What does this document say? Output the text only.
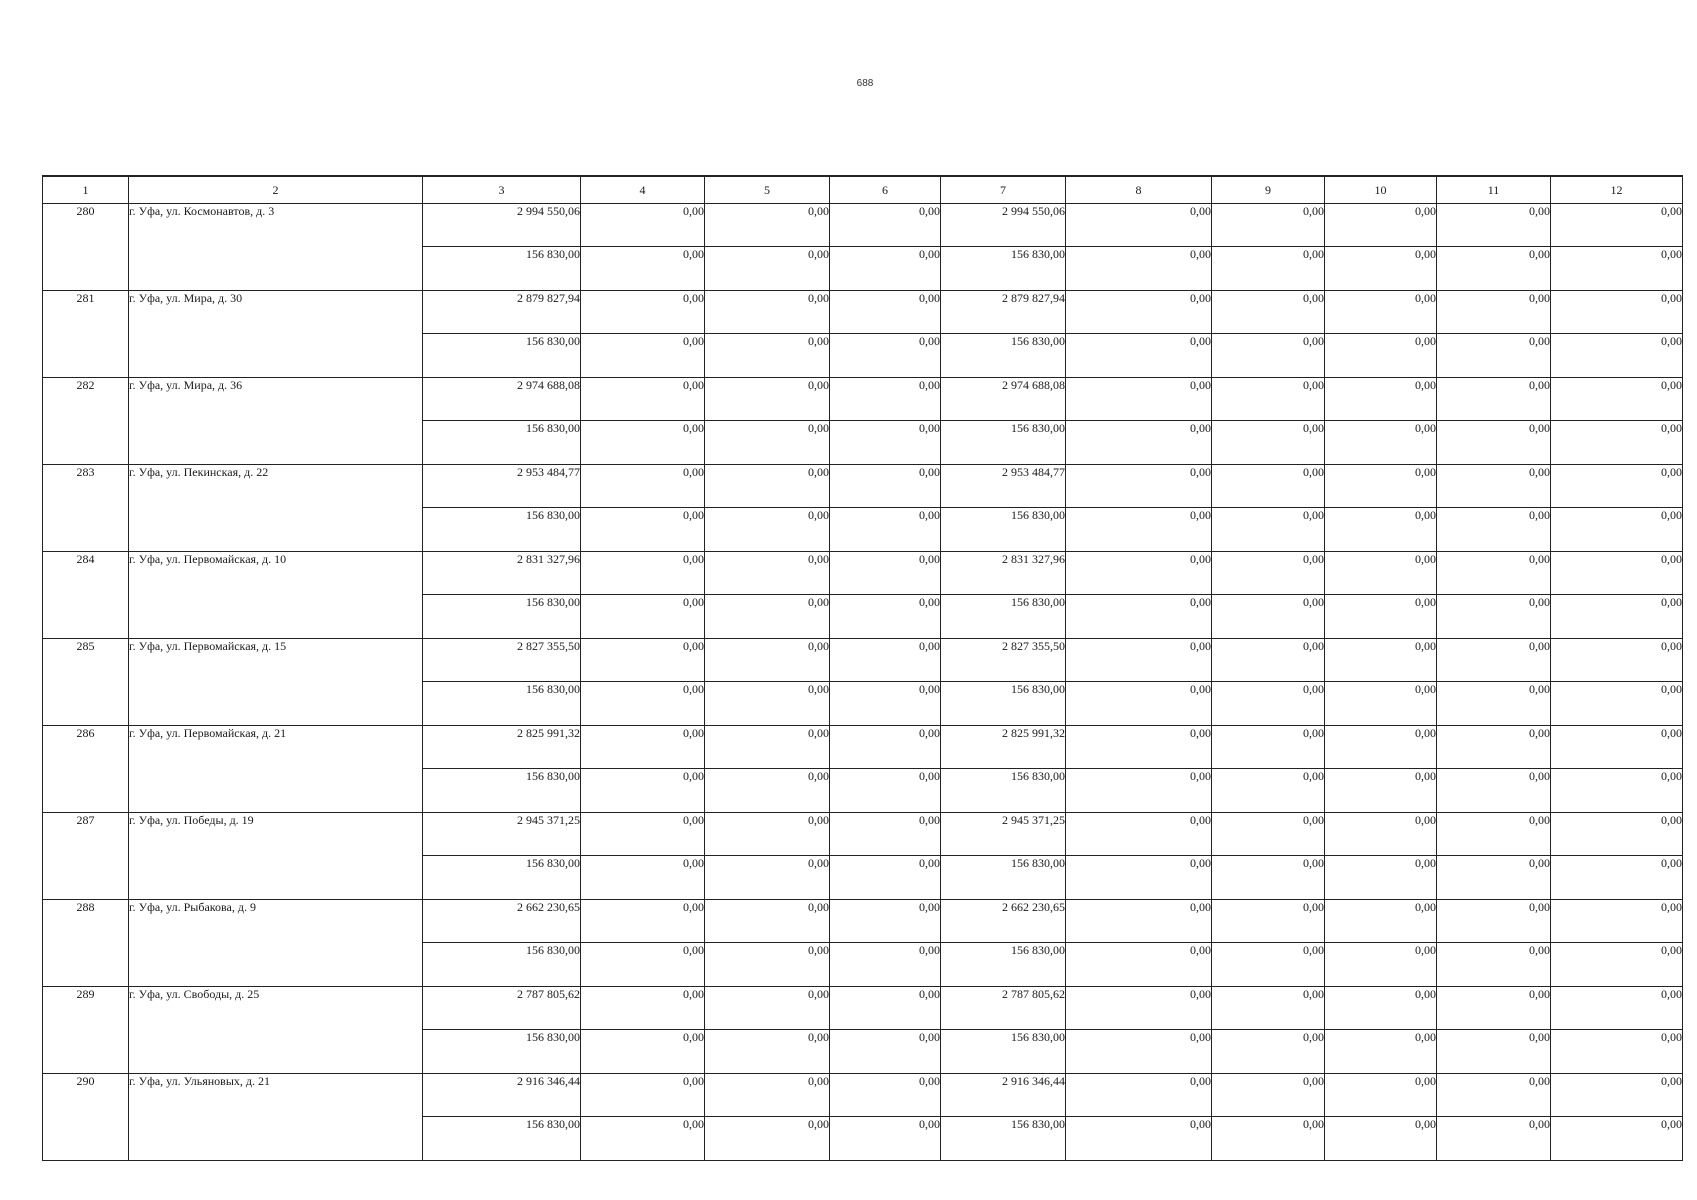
688
1	2	3	4	5	6	7	8	9	10	11	12
280	г. Уфа, ул. Космонавтов, д. 3	2 994 550,06	0,00	0,00	0,00	2 994 550,06	0,00	0,00	0,00	0,00	0,00
		156 830,00	0,00	0,00	0,00	156 830,00	0,00	0,00	0,00	0,00	0,00
281	г. Уфа, ул. Мира, д. 30	2 879 827,94	0,00	0,00	0,00	2 879 827,94	0,00	0,00	0,00	0,00	0,00
		156 830,00	0,00	0,00	0,00	156 830,00	0,00	0,00	0,00	0,00	0,00
282	г. Уфа, ул. Мира, д. 36	2 974 688,08	0,00	0,00	0,00	2 974 688,08	0,00	0,00	0,00	0,00	0,00
		156 830,00	0,00	0,00	0,00	156 830,00	0,00	0,00	0,00	0,00	0,00
283	г. Уфа, ул. Пекинская, д. 22	2 953 484,77	0,00	0,00	0,00	2 953 484,77	0,00	0,00	0,00	0,00	0,00
		156 830,00	0,00	0,00	0,00	156 830,00	0,00	0,00	0,00	0,00	0,00
284	г. Уфа, ул. Первомайская, д. 10	2 831 327,96	0,00	0,00	0,00	2 831 327,96	0,00	0,00	0,00	0,00	0,00
		156 830,00	0,00	0,00	0,00	156 830,00	0,00	0,00	0,00	0,00	0,00
285	г. Уфа, ул. Первомайская, д. 15	2 827 355,50	0,00	0,00	0,00	2 827 355,50	0,00	0,00	0,00	0,00	0,00
		156 830,00	0,00	0,00	0,00	156 830,00	0,00	0,00	0,00	0,00	0,00
286	г. Уфа, ул. Первомайская, д. 21	2 825 991,32	0,00	0,00	0,00	2 825 991,32	0,00	0,00	0,00	0,00	0,00
		156 830,00	0,00	0,00	0,00	156 830,00	0,00	0,00	0,00	0,00	0,00
287	г. Уфа, ул. Победы, д. 19	2 945 371,25	0,00	0,00	0,00	2 945 371,25	0,00	0,00	0,00	0,00	0,00
		156 830,00	0,00	0,00	0,00	156 830,00	0,00	0,00	0,00	0,00	0,00
288	г. Уфа, ул. Рыбакова, д. 9	2 662 230,65	0,00	0,00	0,00	2 662 230,65	0,00	0,00	0,00	0,00	0,00
		156 830,00	0,00	0,00	0,00	156 830,00	0,00	0,00	0,00	0,00	0,00
289	г. Уфа, ул. Свободы, д. 25	2 787 805,62	0,00	0,00	0,00	2 787 805,62	0,00	0,00	0,00	0,00	0,00
		156 830,00	0,00	0,00	0,00	156 830,00	0,00	0,00	0,00	0,00	0,00
290	г. Уфа, ул. Ульяновых, д. 21	2 916 346,44	0,00	0,00	0,00	2 916 346,44	0,00	0,00	0,00	0,00	0,00
		156 830,00	0,00	0,00	0,00	156 830,00	0,00	0,00	0,00	0,00	0,00
